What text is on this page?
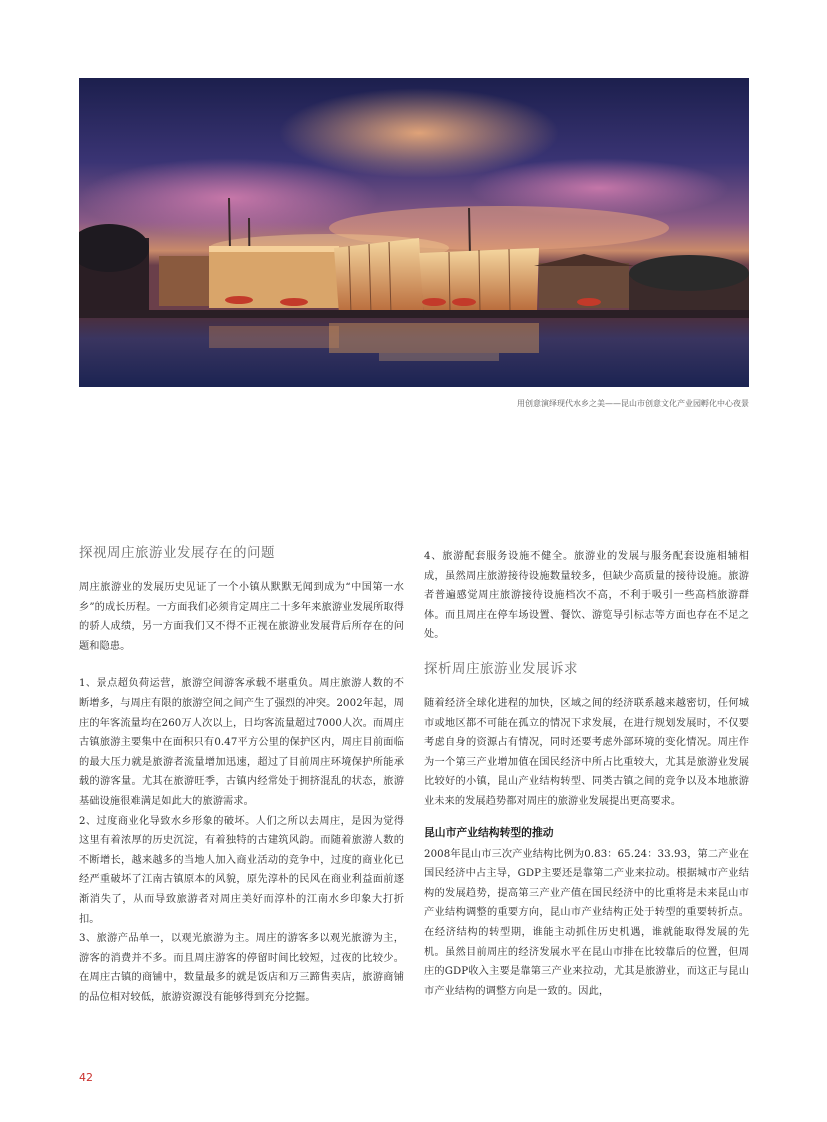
用创意演绎现代水乡之美——昆山市创意文化产业园孵化中心夜景
探视周庄旅游业发展存在的问题

周庄旅游业的发展历史见证了一个小镇从默默无闻到成为“中国第一水乡”的成长历程。一方面我们必须肯定周庄二十多年来旅游业发展所取得的骄人成绩，另一方面我们又不得不正视在旅游业发展背后所存在的问题和隐患。

1、景点超负荷运营，旅游空间游客承载不堪重负。周庄旅游人数的不断增多，与周庄有限的旅游空间之间产生了强烈的冲突。2002年起，周庄的年客流量均在260万人次以上，日均客流量超过7000人次。而周庄古镇旅游主要集中在面积只有0.47平方公里的保护区内，周庄目前面临的最大压力就是旅游者流量增加迅速，超过了目前周庄环境保护所能承载的游客量。尤其在旅游旺季，古镇内经常处于拥挤混乱的状态，旅游基础设施很难满足如此大的旅游需求。

2、过度商业化导致水乡形象的破坏。人们之所以去周庄，是因为觉得这里有着浓厚的历史沉淀，有着独特的古建筑风韵。而随着旅游人数的不断增长，越来越多的当地人加入商业活动的竞争中，过度的商业化已经严重破坏了江南古镇原本的风貌，原先淳朴的民风在商业利益面前逐渐消失了，从而导致旅游者对周庄美好而淳朴的江南水乡印象大打折扣。

3、旅游产品单一，以观光旅游为主。周庄的游客多以观光旅游为主，游客的消费并不多。而且周庄游客的停留时间比较短，过夜的比较少。在周庄古镇的商铺中，数量最多的就是饭店和万三蹄售卖店，旅游商铺的品位相对较低，旅游资源没有能够得到充分挖掘。

4、旅游配套服务设施不健全。旅游业的发展与服务配套设施相辅相成，虽然周庄旅游接待设施数量较多，但缺少高质量的接待设施。旅游者普遍感觉周庄旅游接待设施档次不高，不利于吸引一些高档旅游群体。而且周庄在停车场设置、餐饮、游览导引标志等方面也存在不足之处。

探析周庄旅游业发展诉求

随着经济全球化进程的加快，区域之间的经济联系越来越密切，任何城市或地区都不可能在孤立的情况下求发展，在进行规划发展时，不仅要考虑自身的资源占有情况，同时还要考虑外部环境的变化情况。周庄作为一个第三产业增加值在国民经济中所占比重较大，尤其是旅游业发展比较好的小镇，昆山产业结构转型、同类古镇之间的竞争以及本地旅游业未来的发展趋势都对周庄的旅游业发展提出更高要求。

昆山市产业结构转型的推动

2008年昆山市三次产业结构比例为0.83：65.24：33.93，第二产业在国民经济中占主导，GDP主要还是靠第二产业来拉动。根据城市产业结构的发展趋势，提高第三产业产值在国民经济中的比重将是未来昆山市产业结构调整的重要方向，昆山市产业结构正处于转型的重要转折点。在经济结构的转型期，谁能主动抓住历史机遇，谁就能取得发展的先机。虽然目前周庄的经济发展水平在昆山市排在比较靠后的位置，但周庄的GDP收入主要是靠第三产业来拉动，尤其是旅游业，而这正与昆山市产业结构的调整方向是一致的。因此，

42
